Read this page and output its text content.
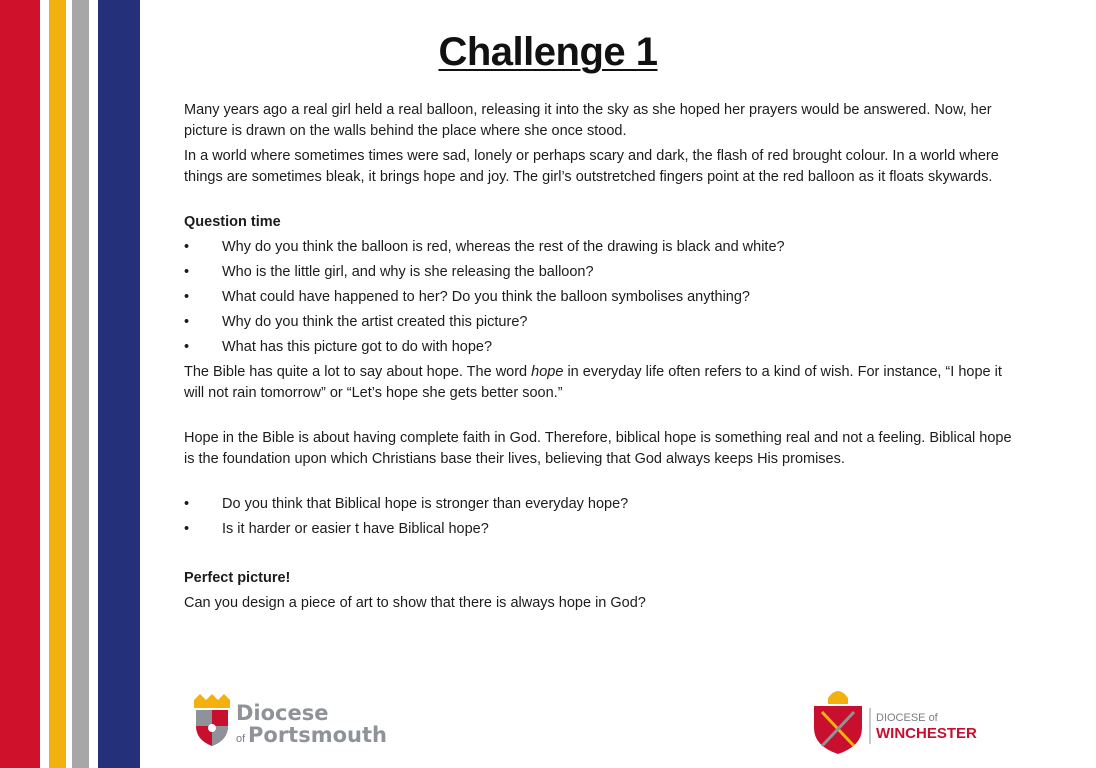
Challenge 1

Many years ago a real girl held a real balloon, releasing it into the sky as she hoped her prayers would be answered. Now, her picture is drawn on the walls behind the place where she once stood.

In a world where sometimes times were sad, lonely or perhaps scary and dark, the flash of red brought colour. In a world where things are sometimes bleak, it brings hope and joy. The girl’s outstretched fingers point at the red balloon as it floats skywards.

Question time

•	Why do you think the balloon is red, whereas the rest of the drawing is black and white?
•	Who is the little girl, and why is she releasing the balloon?
•	What could have happened to her? Do you think the balloon symbolises anything?
•	Why do you think the artist created this picture?
•	What has this picture got to do with hope?

The Bible has quite a lot to say about hope. The word hope in everyday life often refers to a kind of wish. For instance, “I hope it will not rain tomorrow” or “Let’s hope she gets better soon.”

Hope in the Bible is about having complete faith in God. Therefore, biblical hope is something real and not a feeling. Biblical hope is the foundation upon which Christians base their lives, believing that God always keeps His promises.

•	Do you think that Biblical hope is stronger than everyday hope?
•	Is it harder or easier t have Biblical hope?

Perfect picture!

Can you design a piece of art to show that there is always hope in God?

Diocese
of Portsmouth
DIOCESE of
WINCHESTER
